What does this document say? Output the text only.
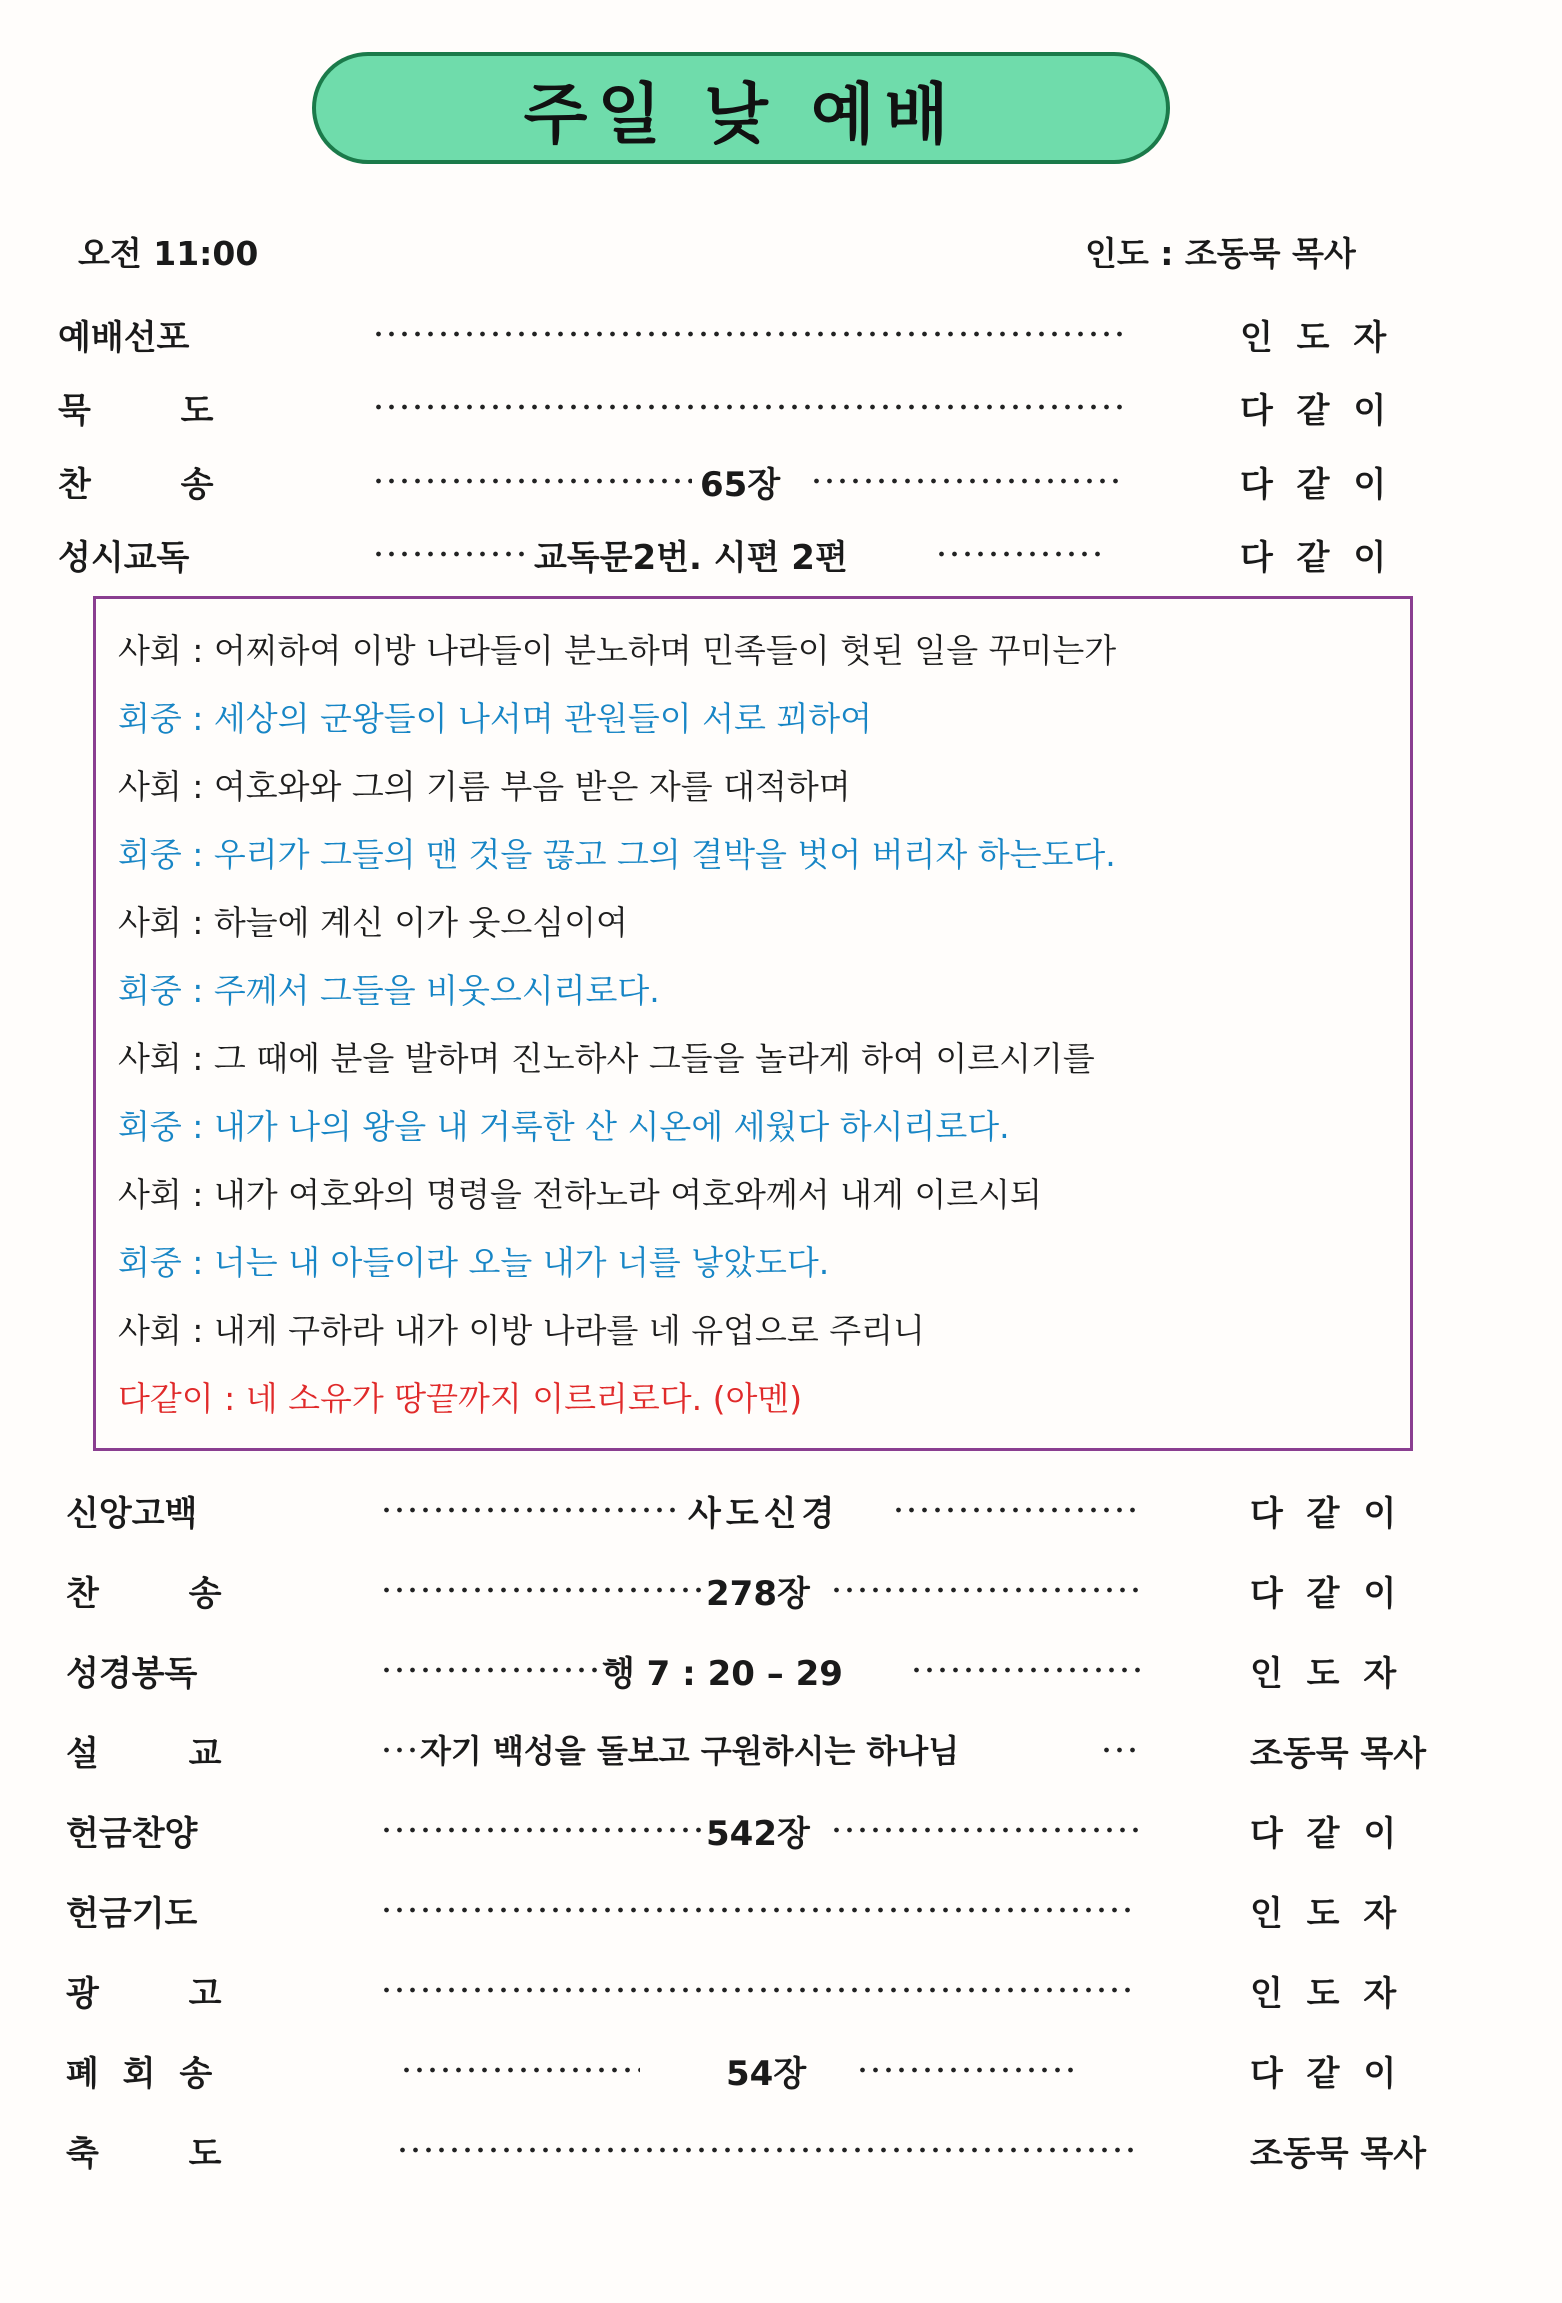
주일 낮 예배
오전 11:00	인도 : 조동묵 목사
예배선포	인 도 자
묵 도	다 같 이
찬 송	65장	다 같 이
성시교독	교독문2번. 시편 2편	다 같 이
사회 : 어찌하여 이방 나라들이 분노하며 민족들이 헛된 일을 꾸미는가
회중 : 세상의 군왕들이 나서며 관원들이 서로 꾀하여
사회 : 여호와와 그의 기름 부음 받은 자를 대적하며
회중 : 우리가 그들의 맨 것을 끊고 그의 결박을 벗어 버리자 하는도다.
사회 : 하늘에 계신 이가 웃으심이여
회중 : 주께서 그들을 비웃으시리로다.
사회 : 그 때에 분을 발하며 진노하사 그들을 놀라게 하여 이르시기를
회중 : 내가 나의 왕을 내 거룩한 산 시온에 세웠다 하시리로다.
사회 : 내가 여호와의 명령을 전하노라 여호와께서 내게 이르시되
회중 : 너는 내 아들이라 오늘 내가 너를 낳았도다.
사회 : 내게 구하라 내가 이방 나라를 네 유업으로 주리니
다같이 : 네 소유가 땅끝까지 이르리로다. (아멘)
신앙고백	사도신경	다 같 이
찬 송	278장	다 같 이
성경봉독	행 7 : 20 – 29	인 도 자
설 교	자기 백성을 돌보고 구원하시는 하나님	조동묵 목사
헌금찬양	542장	다 같 이
헌금기도	인 도 자
광 고	인 도 자
폐 회 송	54장	다 같 이
축 도	조동묵 목사
